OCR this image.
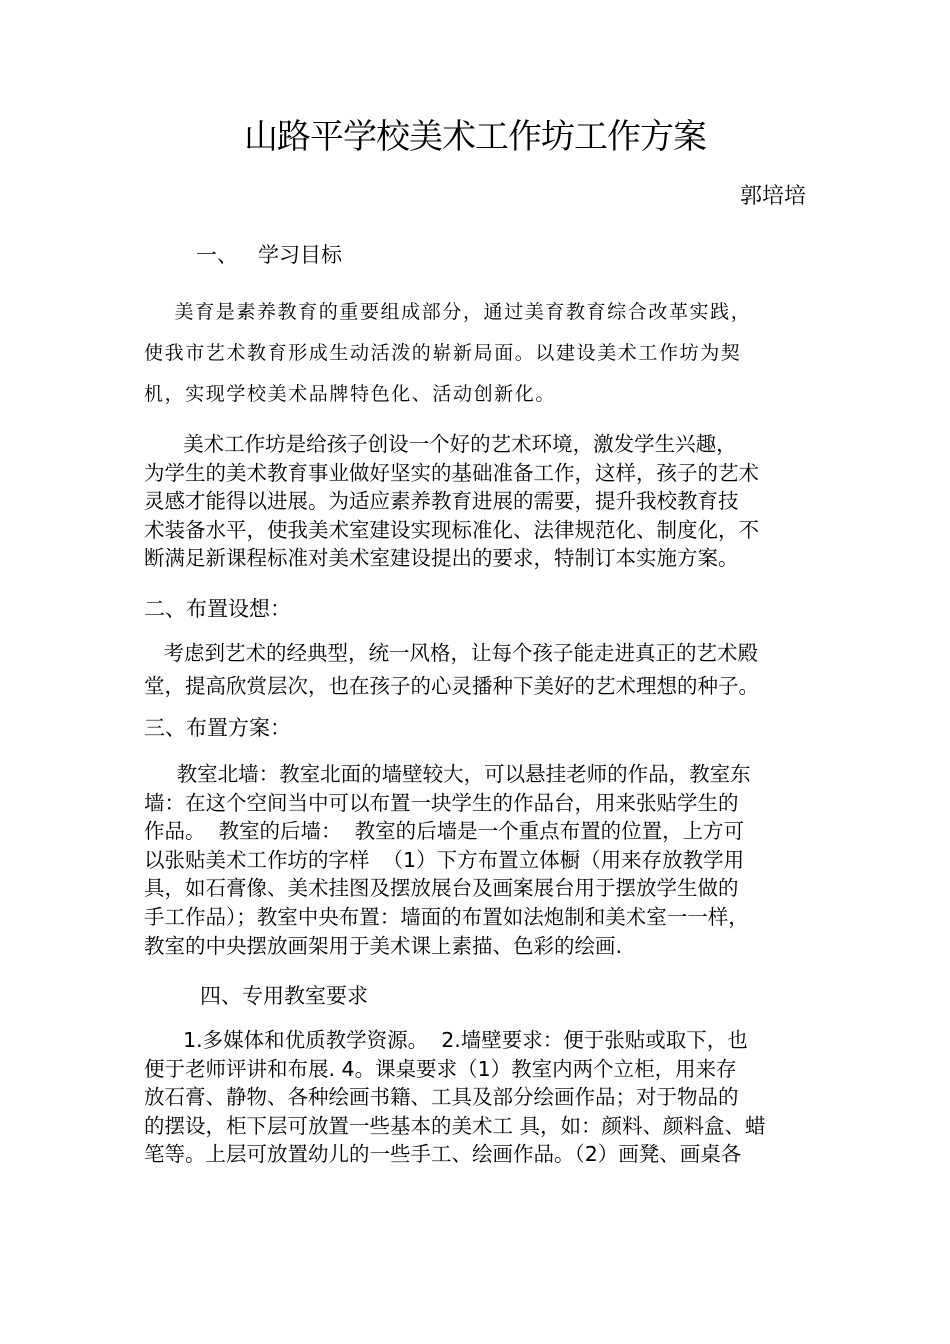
山路平学校美术工作坊工作方案
郭培培
一、   学习目标
美育是素养教育的重要组成部分，通过美育教育综合改革实践，
使我市艺术教育形成生动活泼的崭新局面。以建设美术工作坊为契
机，实现学校美术品牌特色化、活动创新化。
美术工作坊是给孩子创设一个好的艺术环境，激发学生兴趣，
为学生的美术教育事业做好坚实的基础准备工作，这样，孩子的艺术
灵感才能得以进展。为适应素养教育进展的需要，提升我校教育技
术装备水平，使我美术室建设实现标准化、法律规范化、制度化，不
断满足新课程标准对美术室建设提出的要求，特制订本实施方案。
二、布置设想：
考虑到艺术的经典型，统一风格，让每个孩子能走进真正的艺术殿
堂，提高欣赏层次，也在孩子的心灵播种下美好的艺术理想的种子。
三、布置方案：
教室北墙：教室北面的墙壁较大，可以悬挂老师的作品，教室东
墙：在这个空间当中可以布置一块学生的作品台，用来张贴学生的
作品。  教室的后墙：  教室的后墙是一个重点布置的位置，上方可
以张贴美术工作坊的字样  （1）下方布置立体橱（用来存放教学用
具，如石膏像、美术挂图及摆放展台及画案展台用于摆放学生做的
手工作品）；教室中央布置：墙面的布置如法炮制和美术室一一样，
教室的中央摆放画架用于美术课上素描、色彩的绘画.
四、专用教室要求
1.多媒体和优质教学资源。  2.墙壁要求：便于张贴或取下，也
便于老师评讲和布展. 4。课桌要求（1）教室内两个立柜，用来存
放石膏、静物、各种绘画书籍、工具及部分绘画作品；对于物品的
的摆设，柜下层可放置一些基本的美术工 具，如：颜料、颜料盒、蜡
笔等。上层可放置幼儿的一些手工、绘画作品。（2）画凳、画桌各
